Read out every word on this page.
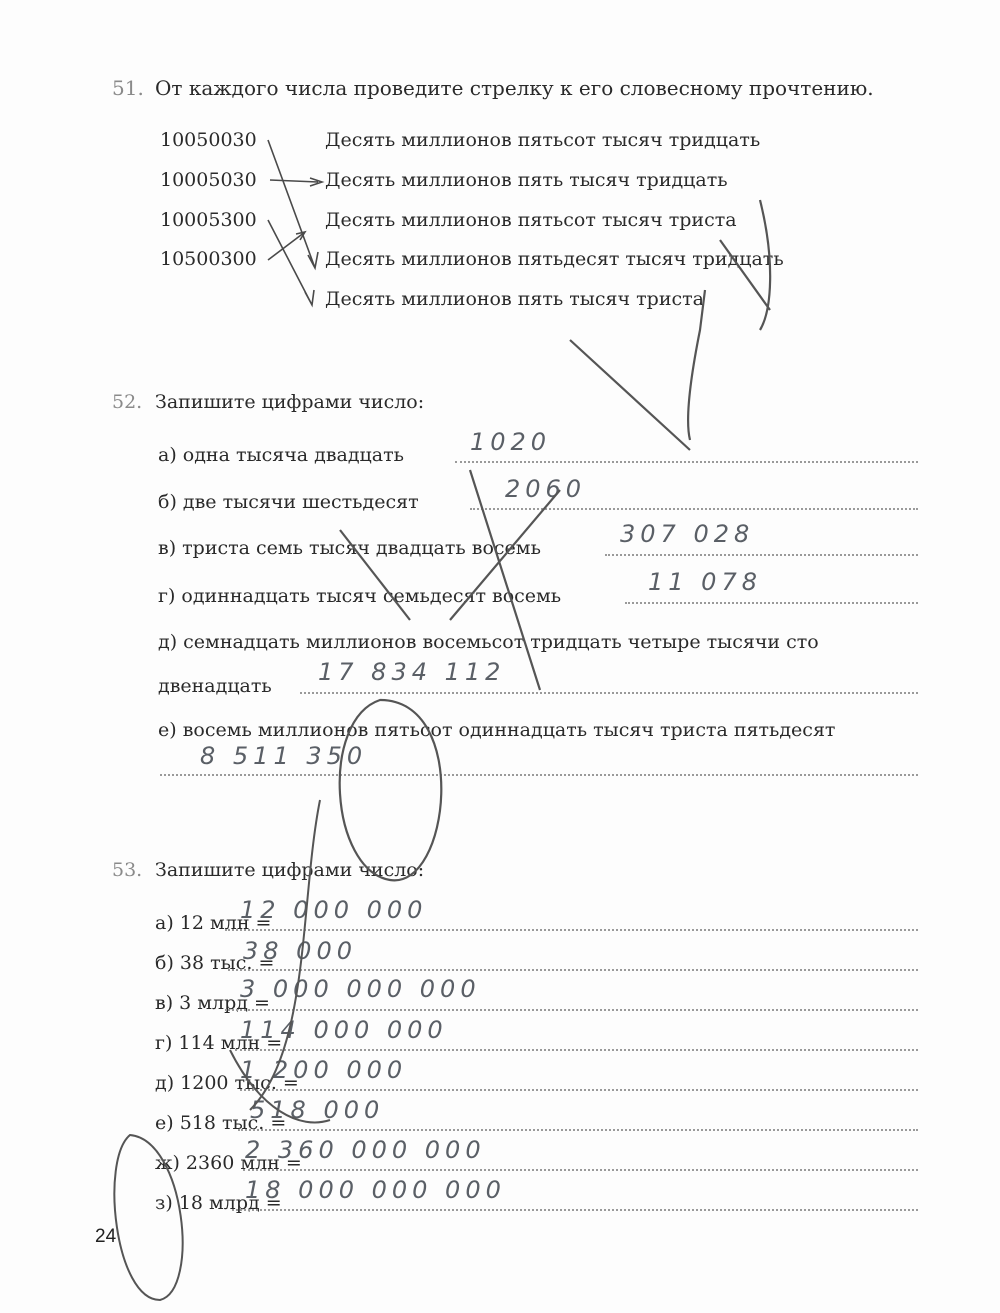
51. От каждого числа проведите стрелку к его словесному прочтению.
10050030
10005030
10005300
10500300
Десять миллионов пятьсот тысяч тридцать
Десять миллионов пять тысяч тридцать
Десять миллионов пятьсот тысяч триста
Десять миллионов пятьдесят тысяч тридцать
Десять миллионов пять тысяч триста
52. Запишите цифрами число:
а) одна тысяча двадцать	1020
б) две тысячи шестьдесят	2060
в) триста семь тысяч двадцать восемь	307 028
г) одиннадцать тысяч семьдесят восемь	11 078
д) семнадцать миллионов восемьсот тридцать четыре тысячи сто
двенадцать 17 834 112
е) восемь миллионов пятьсот одиннадцать тысяч триста пятьдесят
8 511 350
53. Запишите цифрами число:
а) 12 млн =
12 000 000
б) 38 тыс. =
38 000
в) 3 млрд =
3 000 000 000
г) 114 млн =
114 000 000
д) 1200 тыс. =
1 200 000
е) 518 тыс. =
518 000
ж) 2360 млн =
2 360 000 000
з) 18 млрд =
18 000 000 000
24
